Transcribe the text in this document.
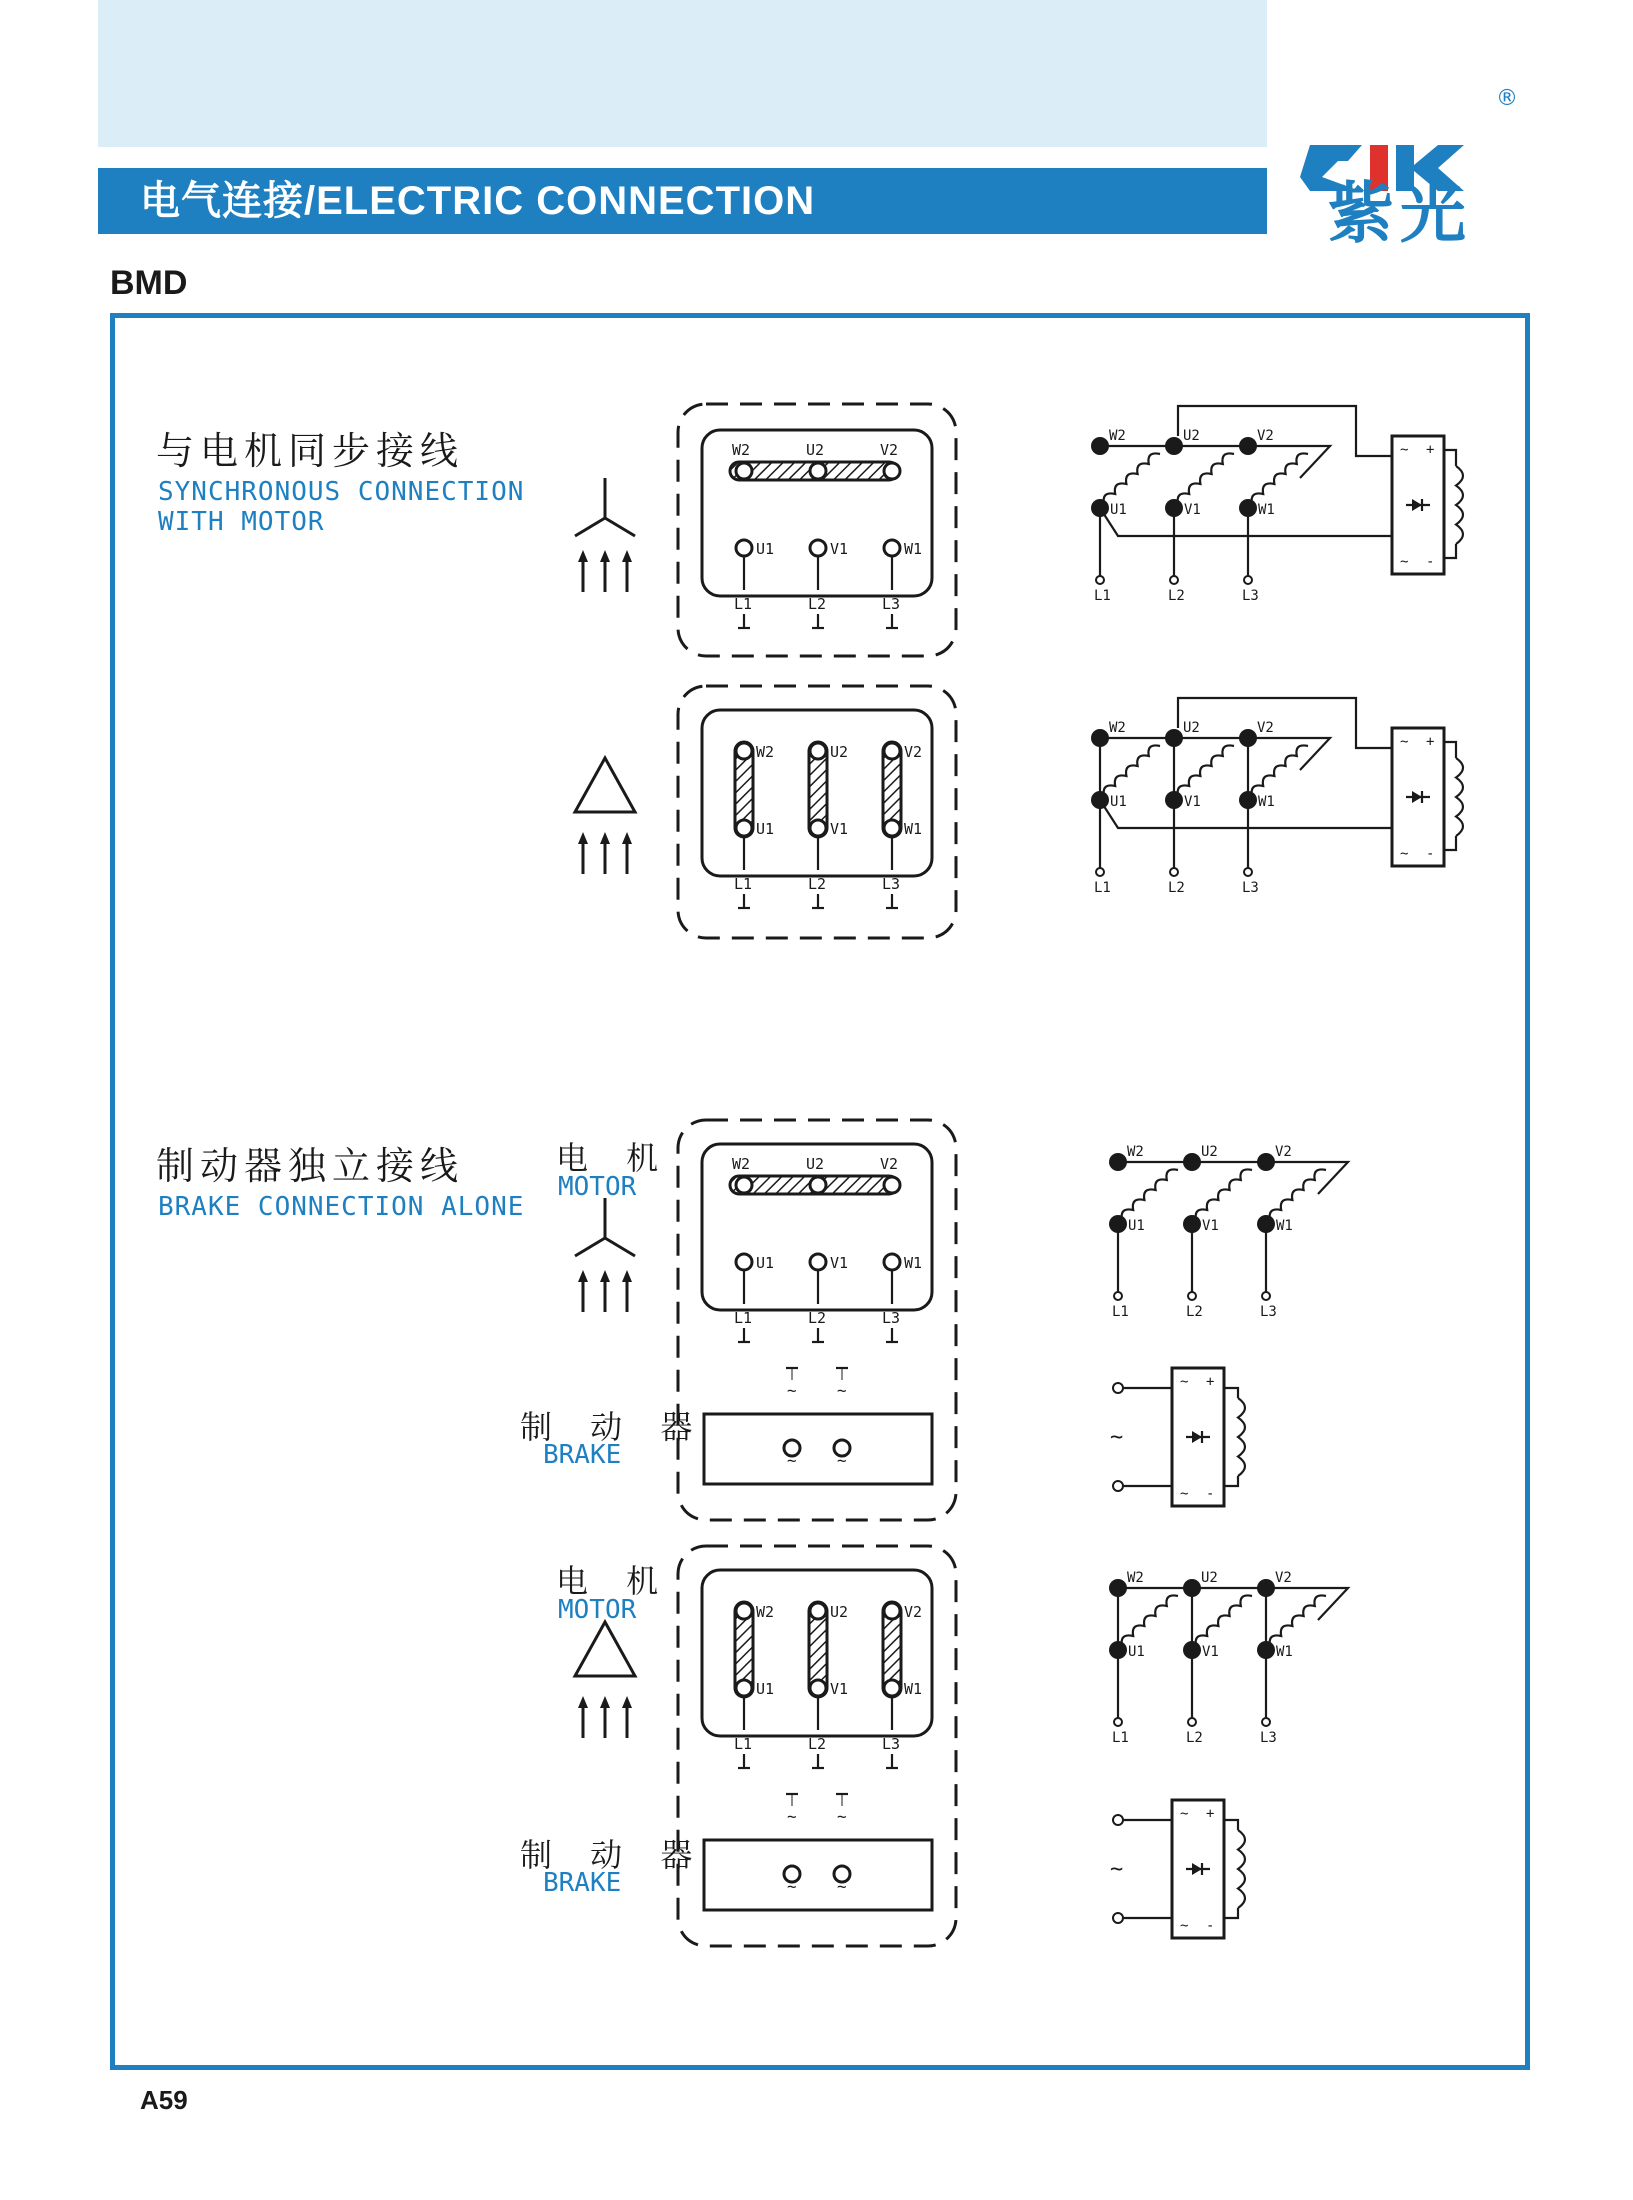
电气连接/ELECTRIC CONNECTION
®
紫光
BMD
A59
与电机同步接线
SYNCHRONOUS CONNECTION
WITH MOTOR
制动器独立接线
BRAKE CONNECTION ALONE
电 机
MOTOR
制 动 器
BRAKE
电 机
MOTOR
制 动 器
BRAKE
W2	U2	V2
U1
L1
V1
L2
W1
L3
W2
U1
L1
U2
V1
L2
V2
W1
L3
~ +
~ -
W2	U2	V2
U1
L1
V1
L2
W1
L3
W2
U1
L1
U2
V1
L2
V2
W1
L3
~ +
~ -
W2	U2	V2
U1
L1
V1
L2
W1
L3
~
~
~
~
W2
U1
L1
U2
V1
L2
V2
W1
L3
~ +
~ -
~
W2	U2	V2
U1
L1
V1
L2
W1
L3
~
~
~
~
W2
U1
L1
U2
V1
L2
V2
W1
L3
~ +
~ -
~
